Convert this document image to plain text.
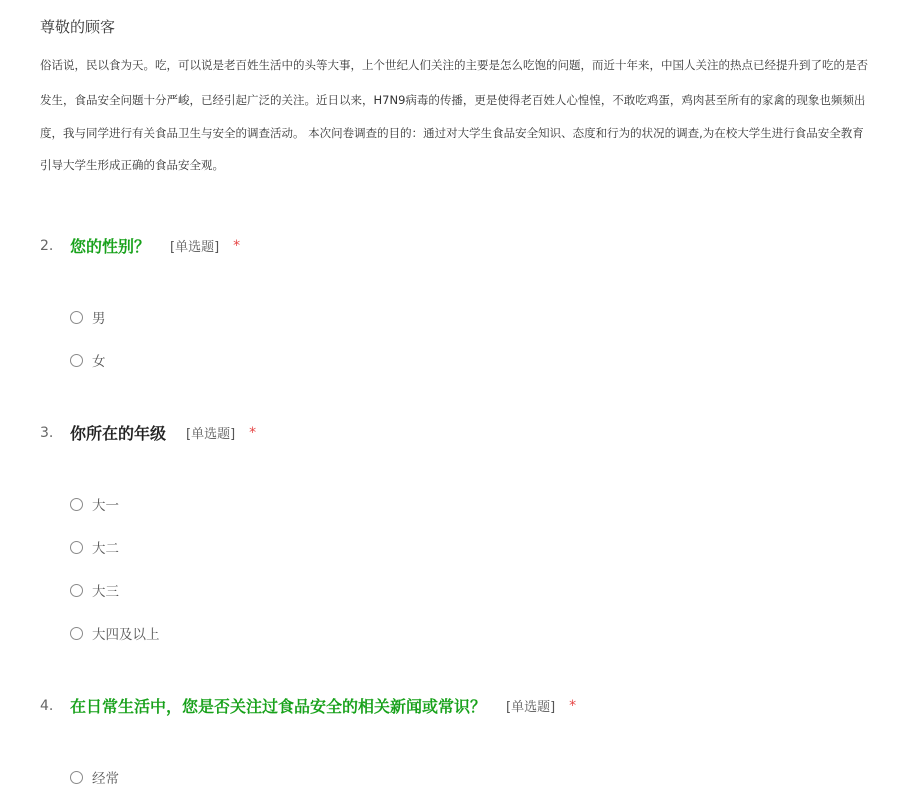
尊敬的顾客
俗话说，民以食为天。吃，可以说是老百姓生活中的头等大事，上个世纪人们关注的主要是怎么吃饱的问题，而近十年来，中国人关注的热点已经提升到了吃的是否
发生，食品安全问题十分严峻，已经引起广泛的关注。近日以来，H7N9病毒的传播，更是使得老百姓人心惶惶，不敢吃鸡蛋，鸡肉甚至所有的家禽的现象也频频出
度，我与同学进行有关食品卫生与安全的调查活动。 本次问卷调查的目的：通过对大学生食品安全知识、态度和行为的状况的调查,为在校大学生进行食品安全教育
引导大学生形成正确的食品安全观。
2.	您的性别？ [单选题] *
男
女
3.	你所在的年级 [单选题] *
大一
大二
大三
大四及以上
4.	在日常生活中，您是否关注过食品安全的相关新闻或常识？ [单选题] *
经常
